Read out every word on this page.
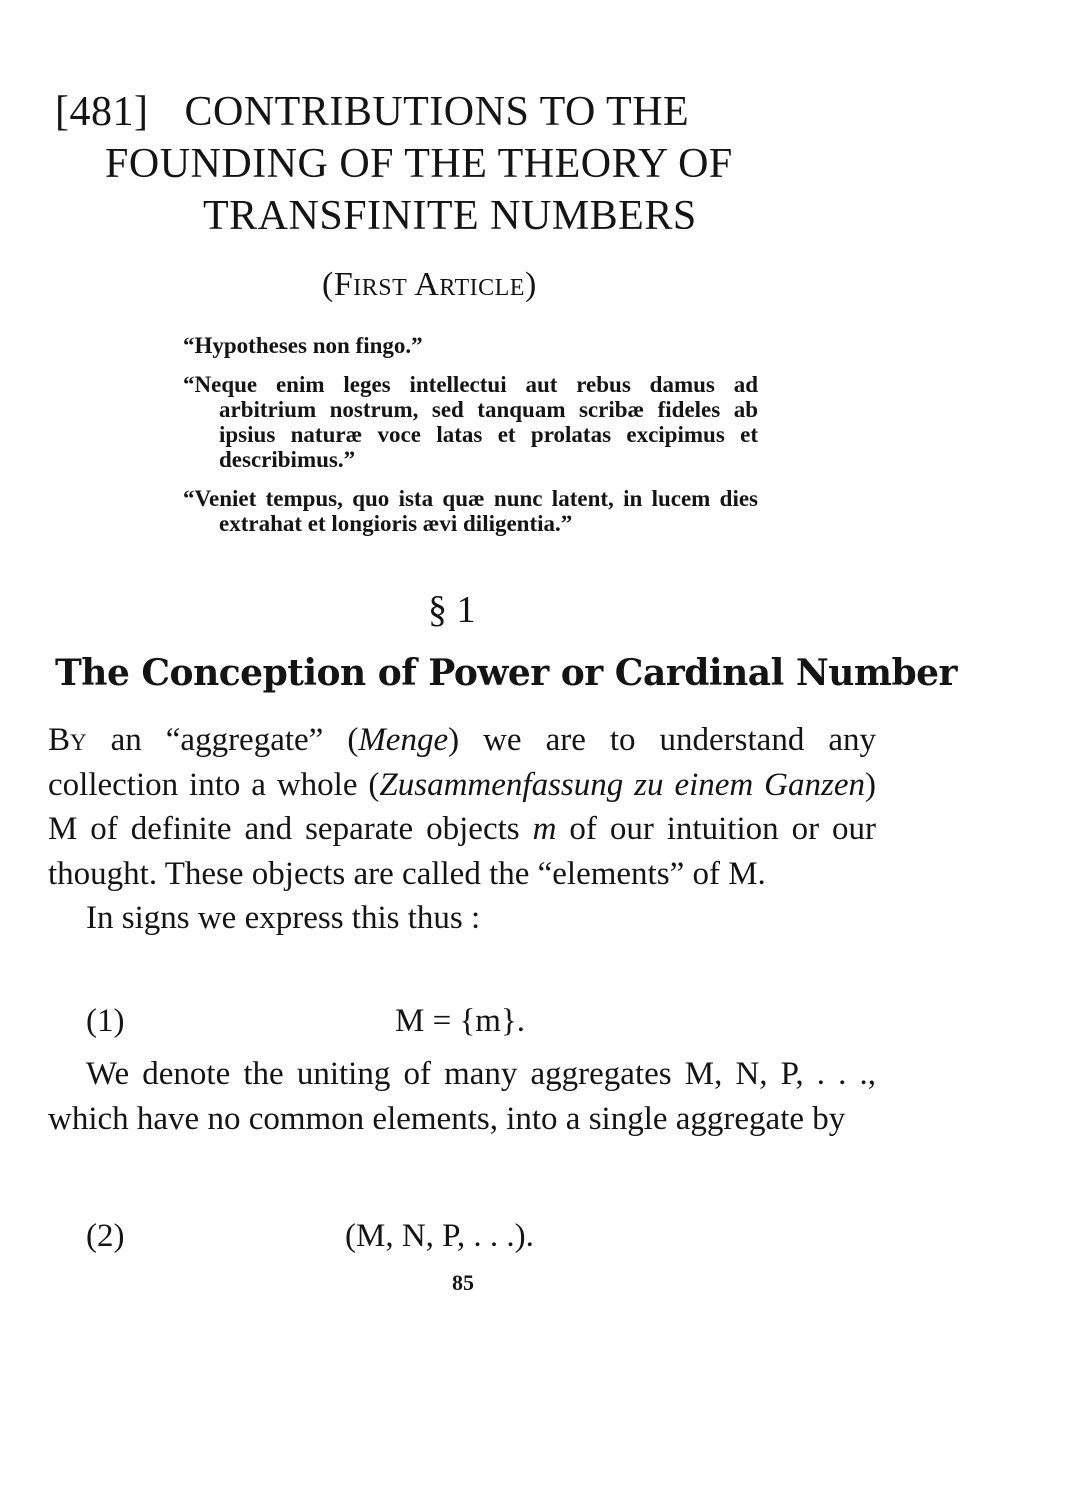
[481] CONTRIBUTIONS TO THE
FOUNDING OF THE THEORY OF
TRANSFINITE NUMBERS
(First Article)

“Hypotheses non fingo.”

“Neque enim leges intellectui aut rebus damus ad arbitrium nostrum, sed tanquam scribæ fideles ab ipsius naturæ voce latas et prolatas excipimus et describimus.”

“Veniet tempus, quo ista quæ nunc latent, in lucem dies extrahat et longioris ævi diligentia.”

§ 1
The Conception of Power or Cardinal Number

By an “aggregate” (Menge) we are to understand any collection into a whole (Zusammenfassung zu einem Ganzen) M of definite and separate objects m of our intuition or our thought. These objects are called the “elements” of M.

In signs we express this thus :

(1)	M = {m}.

We denote the uniting of many aggregates M, N, P, . . ., which have no common elements, into a single aggregate by

(2)	(M, N, P, . . .).
85
